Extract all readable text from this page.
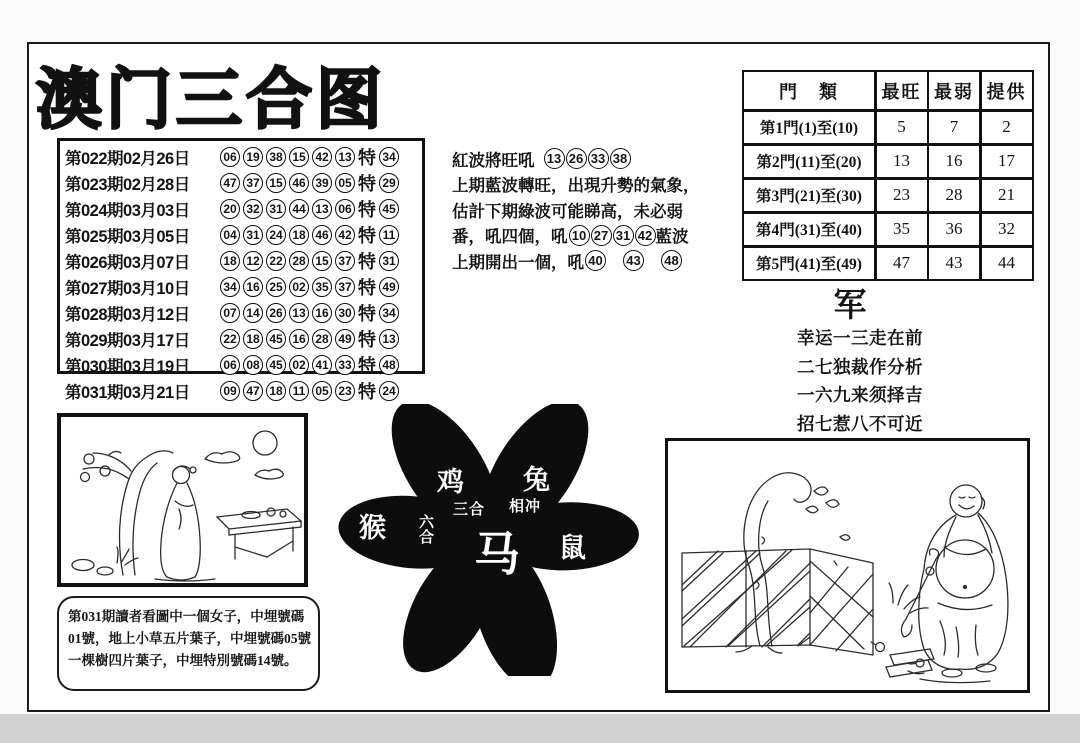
澳门三合图
第022期02月26日	06 19 38 15 42 13 特 34
第023期02月28日	47 37 15 46 39 05 特 29
第024期03月03日	20 32 31 44 13 06 特 45
第025期03月05日	04 31 24 18 46 42 特 11
第026期03月07日	18 12 22 28 15 37 特 31
第027期03月10日	34 16 25 02 35 37 特 49
第028期03月12日	07 14 26 13 16 30 特 34
第029期03月17日	22 18 45 16 28 49 特 13
第030期03月19日	06 08 45 02 41 33 特 48
第031期03月21日	09 47 18 11 05 23 特 24
紅波將旺吼 13 26 33 38
上期藍波轉旺，出現升勢的氣象，
估計下期綠波可能睇高，未必弱
番，吼四個，吼 10 27 31 42 藍波
上期開出一個，吼 40 43 48
門　類	最旺 最弱 提供
第1門(1)至(10)	5	7	2
第2門(11)至(20)	13	16	17
第3門(21)至(30)	23	28	21
第4門(31)至(40)	35	36	32
第5門(41)至(49)	47	43	44
军
幸运一三走在前
二七独裁作分析
一六九来须择吉
招七惹八不可近
第031期讀者看圖中一個女子，中埋號碼
01號，地上小草五片葉子，中埋號碼05號
一棵樹四片葉子，中埋特別號碼14號。
鸡 兔
猴
鼠
三合 相冲
六合 马
